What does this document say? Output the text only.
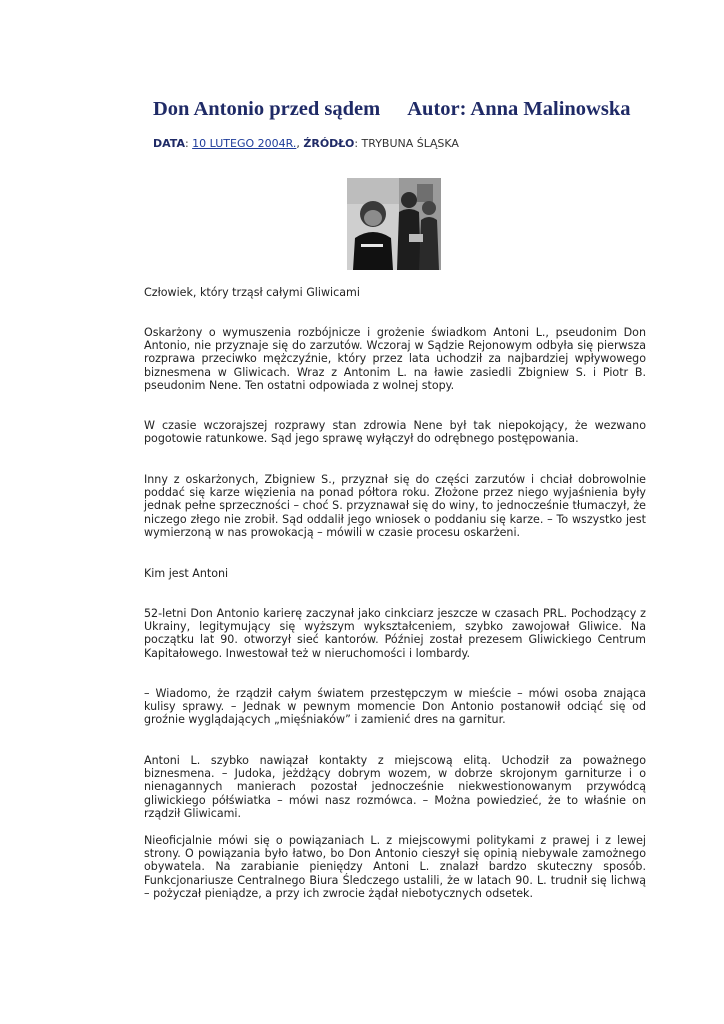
Don Antonio przed sądem Autor: Anna Malinowska
DATA: 10 LUTEGO 2004R., ŹRÓDŁO: TRYBUNA ŚLĄSKA
Człowiek, który trząsł całymi Gliwicami

Oskarżony o wymuszenia rozbójnicze i grożenie świadkom Antoni L., pseudonim Don Antonio, nie przyznaje się do zarzutów. Wczoraj w Sądzie Rejonowym odbyła się pierwsza rozprawa przeciwko mężczyźnie, który przez lata uchodził za najbardziej wpływowego biznesmena w Gliwicach. Wraz z Antonim L. na ławie zasiedli Zbigniew S. i Piotr B. pseudonim Nene. Ten ostatni odpowiada z wolnej stopy.

W czasie wczorajszej rozprawy stan zdrowia Nene był tak niepokojący, że wezwano pogotowie ratunkowe. Sąd jego sprawę wyłączył do odrębnego postępowania.

Inny z oskarżonych, Zbigniew S., przyznał się do części zarzutów i chciał dobrowolnie poddać się karze więzienia na ponad półtora roku. Złożone przez niego wyjaśnienia były jednak pełne sprzeczności – choć S. przyznawał się do winy, to jednocześnie tłumaczył, że niczego złego nie zrobił. Sąd oddalił jego wniosek o poddaniu się karze. – To wszystko jest wymierzoną w nas prowokacją – mówili w czasie procesu oskarżeni.

Kim jest Antoni

52-letni Don Antonio karierę zaczynał jako cinkciarz jeszcze w czasach PRL. Pochodzący z Ukrainy, legitymujący się wyższym wykształceniem, szybko zawojował Gliwice. Na początku lat 90. otworzył sieć kantorów. Później został prezesem Gliwickiego Centrum Kapitałowego. Inwestował też w nieruchomości i lombardy.

– Wiadomo, że rządził całym światem przestępczym w mieście – mówi osoba znająca kulisy sprawy. – Jednak w pewnym momencie Don Antonio postanowił odciąć się od groźnie wyglądających „mięśniaków” i zamienić dres na garnitur.

Antoni L. szybko nawiązał kontakty z miejscową elitą. Uchodził za poważnego biznesmena. – Judoka, jeżdżący dobrym wozem, w dobrze skrojonym garniturze i o nienagannych manierach pozostał jednocześnie niekwestionowanym przywódcą gliwickiego półświatka – mówi nasz rozmówca. – Można powiedzieć, że to właśnie on rządził Gliwicami.

Nieoficjalnie mówi się o powiązaniach L. z miejscowymi politykami z prawej i z lewej strony. O powiązania było łatwo, bo Don Antonio cieszył się opinią niebywale zamożnego obywatela. Na zarabianie pieniędzy Antoni L. znalazł bardzo skuteczny sposób. Funkcjonariusze Centralnego Biura Śledczego ustalili, że w latach 90. L. trudnił się lichwą – pożyczał pieniądze, a przy ich zwrocie żądał niebotycznych odsetek.
